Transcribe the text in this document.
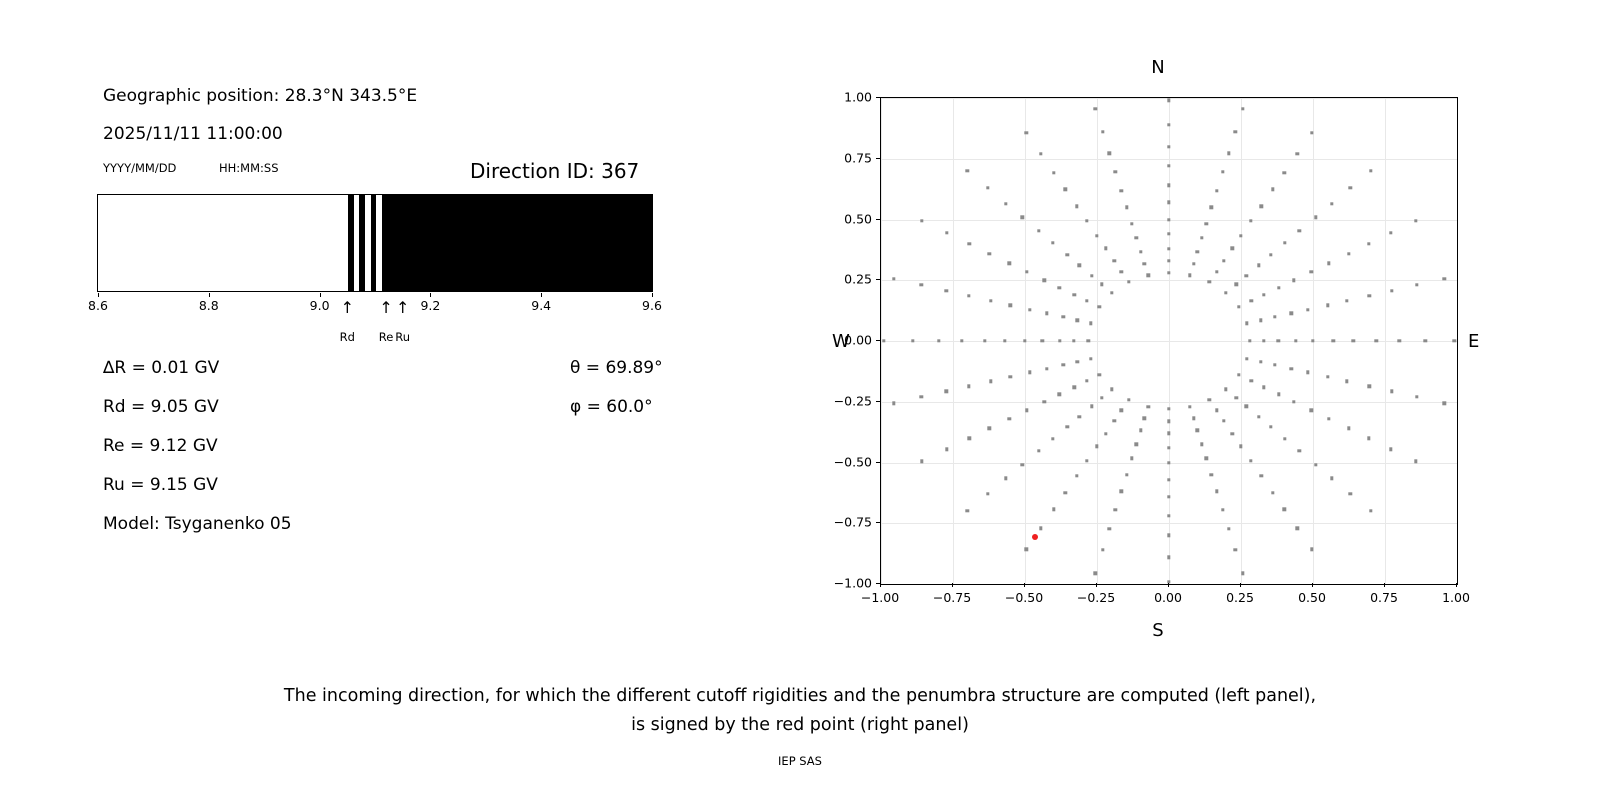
Geographic position: 28.3°N 343.5°E
2025/11/11 11:00:00
YYYY/MM/DD	HH:MM:SS	Direction ID: 367
8.6	8.8	9.0	9.2	9.4	9.6
↑
Rd
↑
Re
↑
Ru
∆R = 0.01 GV
Rd = 9.05 GV
Re = 9.12 GV
Ru = 9.15 GV
Model: Tsyganenko 05
θ = 69.89°
φ = 60.0°
N
S
W	E
−1.00
−0.75
−0.50
−0.25
0.00
0.25
0.50
0.75
1.00
−1.00	−0.75	−0.50	−0.25	0.00	0.25	0.50	0.75	1.00
The incoming direction, for which the different cutoff rigidities and the penumbra structure are computed (left panel),
is signed by the red point (right panel)
IEP SAS
